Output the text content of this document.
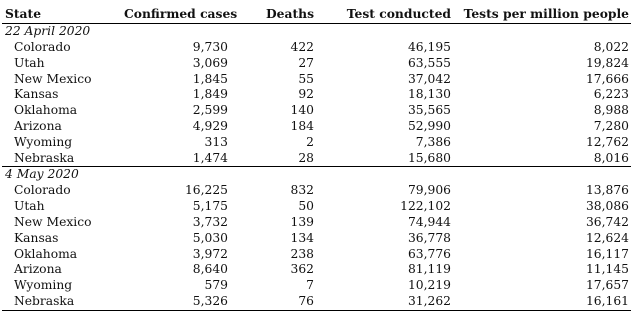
State	Confirmed cases	Deaths	Test conducted	Tests per million people
22 April 2020				
Colorado	9,730	422	46,195	8,022
Utah	3,069	27	63,555	19,824
New Mexico	1,845	55	37,042	17,666
Kansas	1,849	92	18,130	6,223
Oklahoma	2,599	140	35,565	8,988
Arizona	4,929	184	52,990	7,280
Wyoming	313	2	7,386	12,762
Nebraska	1,474	28	15,680	8,016
4 May 2020				
Colorado	16,225	832	79,906	13,876
Utah	5,175	50	122,102	38,086
New Mexico	3,732	139	74,944	36,742
Kansas	5,030	134	36,778	12,624
Oklahoma	3,972	238	63,776	16,117
Arizona	8,640	362	81,119	11,145
Wyoming	579	7	10,219	17,657
Nebraska	5,326	76	31,262	16,161
